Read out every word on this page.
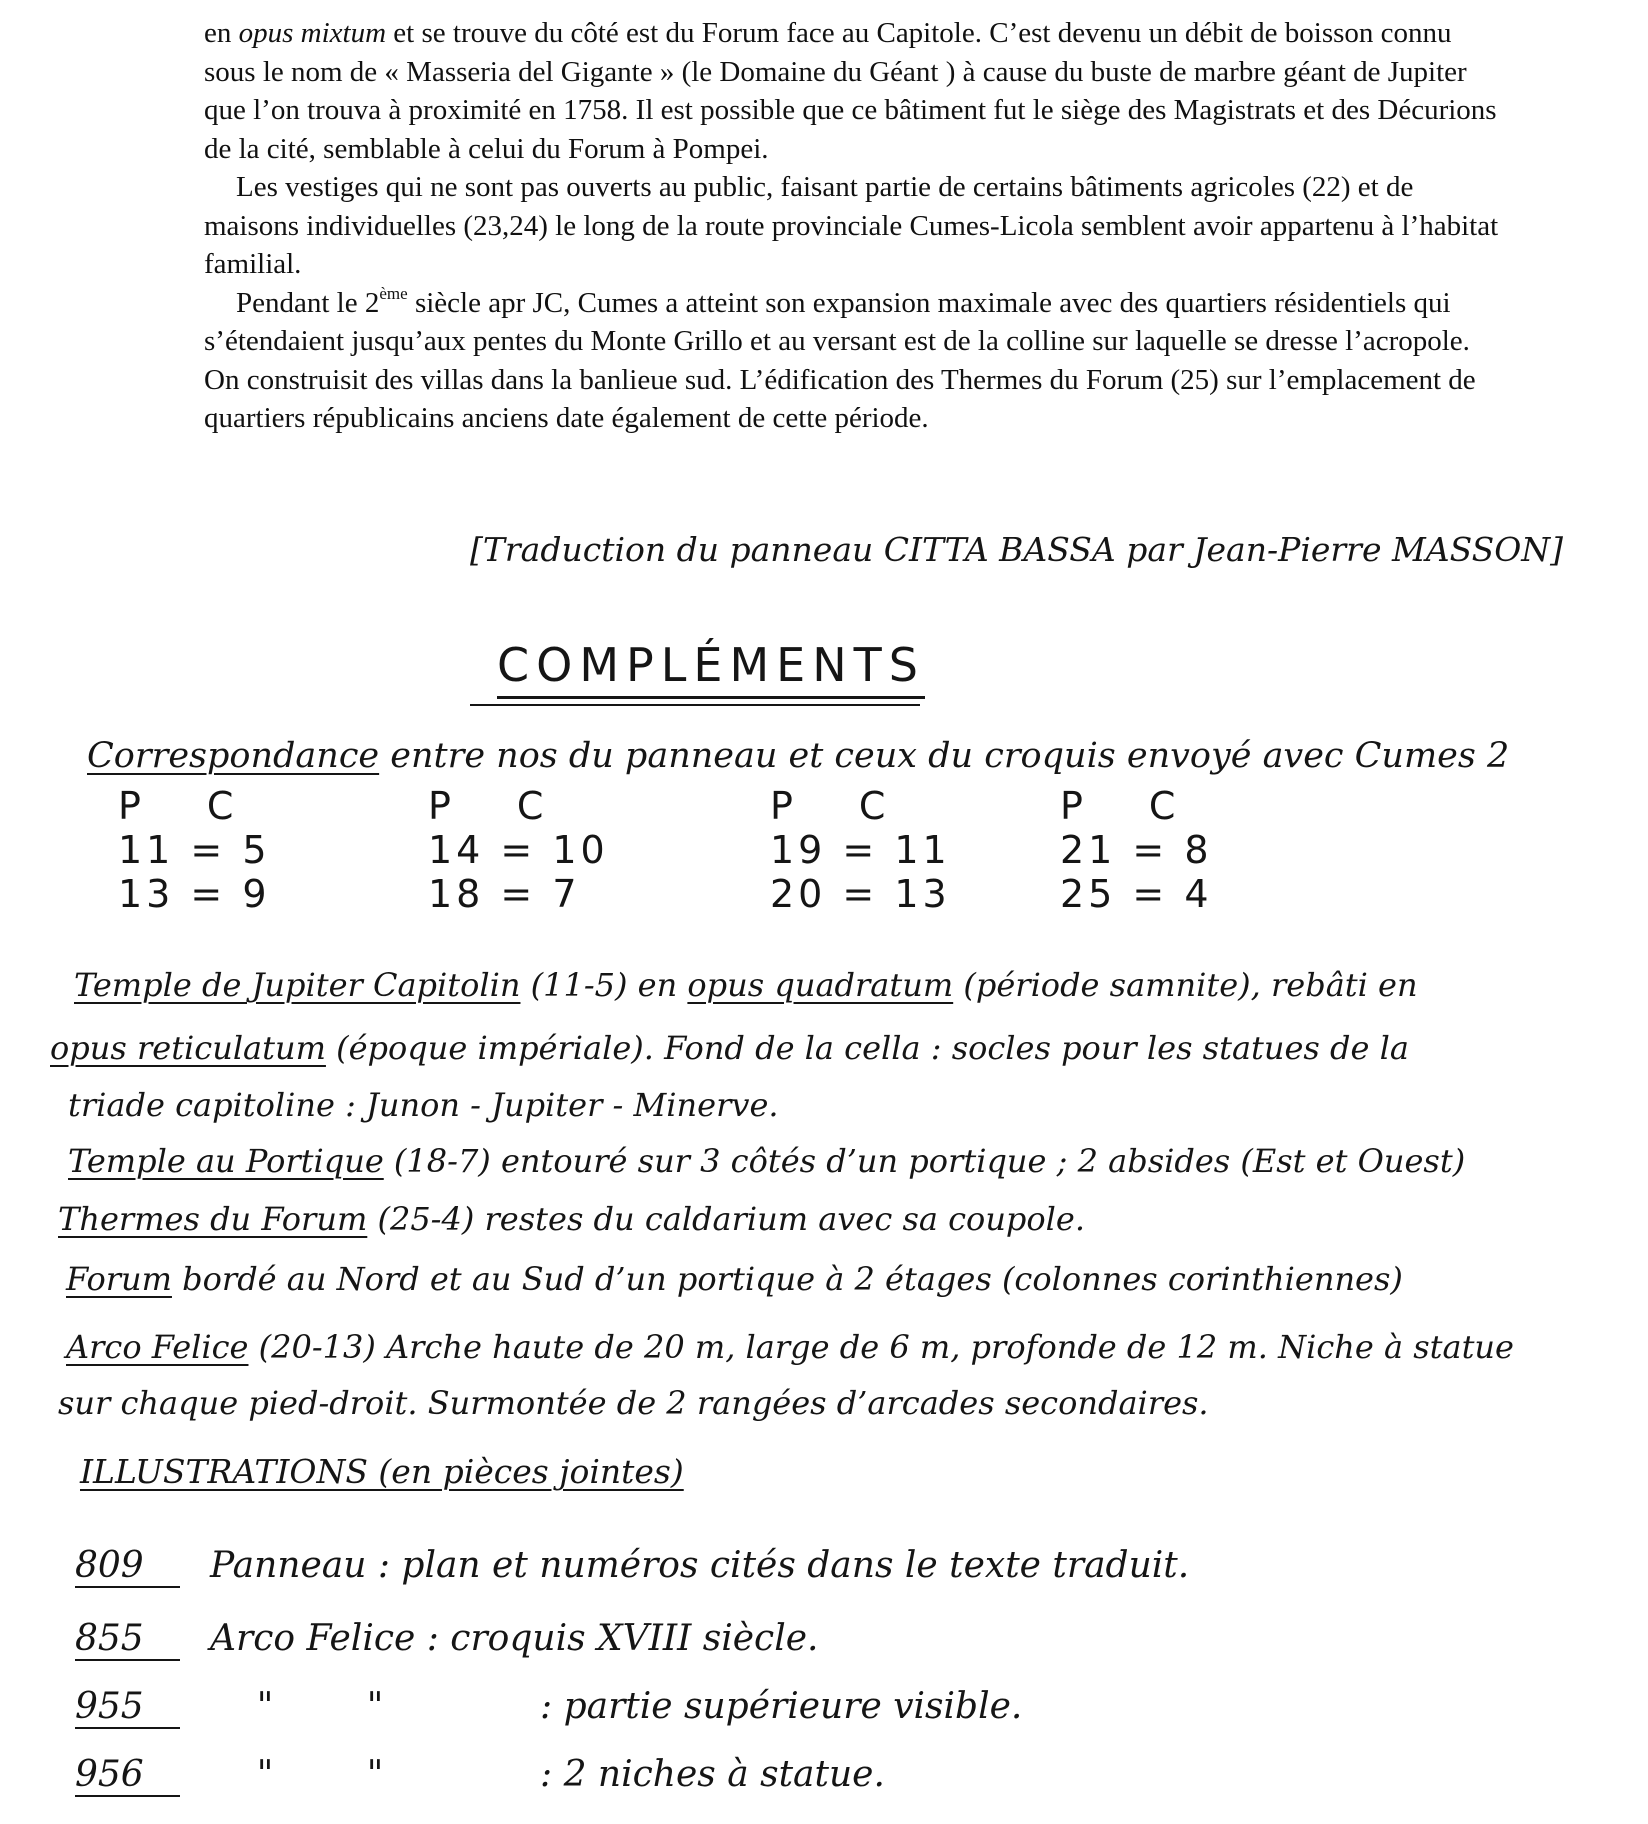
en opus mixtum et se trouve du côté est du Forum face au Capitole. C’est devenu un débit de boisson connu sous le nom de « Masseria del Gigante » (le Domaine du Géant ) à cause du buste de marbre géant de Jupiter que l’on trouva à proximité en 1758. Il est possible que ce bâtiment fut le siège des Magistrats et des Décurions de la cité, semblable à celui du Forum à Pompei.

Les vestiges qui ne sont pas ouverts au public, faisant partie de certains bâtiments agricoles (22) et de maisons individuelles (23,24) le long de la route provinciale Cumes-Licola semblent avoir appartenu à l’habitat familial.

Pendant le 2ème siècle apr JC, Cumes a atteint son expansion maximale avec des quartiers résidentiels qui s’étendaient jusqu’aux pentes du Monte Grillo et au versant est de la colline sur laquelle se dresse l’acropole. On construisit des villas dans la banlieue sud. L’édification des Thermes du Forum (25) sur l’emplacement de quartiers républicains anciens date également de cette période.

[Traduction du panneau CITTA BASSA par Jean-Pierre MASSON]
COMPLÉMENTS
Correspondance entre nos du panneau et ceux du croquis envoyé avec Cumes 2
PC
11 = 5
13 = 9
PC
14 = 10
18 = 7
PC
19 = 11
20 = 13
PC
21 = 8
25 = 4
Temple de Jupiter Capitolin (11-5) en opus quadratum (période samnite), rebâti en
opus reticulatum (époque impériale). Fond de la cella : socles pour les statues de la
triade capitoline : Junon - Jupiter - Minerve.
Temple au Portique (18-7) entouré sur 3 côtés d’un portique ; 2 absides (Est et Ouest)
Thermes du Forum (25-4) restes du caldarium avec sa coupole.
Forum bordé au Nord et au Sud d’un portique à 2 étages (colonnes corinthiennes)
Arco Felice (20-13) Arche haute de 20 m, large de 6 m, profonde de 12 m. Niche à statue
sur chaque pied-droit. Surmontée de 2 rangées d’arcades secondaires.
ILLUSTRATIONS (en pièces jointes)
809 Panneau : plan et numéros cités dans le texte traduit.
855 Arco Felice : croquis XVIII siècle.
955	"	"	: partie supérieure visible.
956	"	"	: 2 niches à statue.
